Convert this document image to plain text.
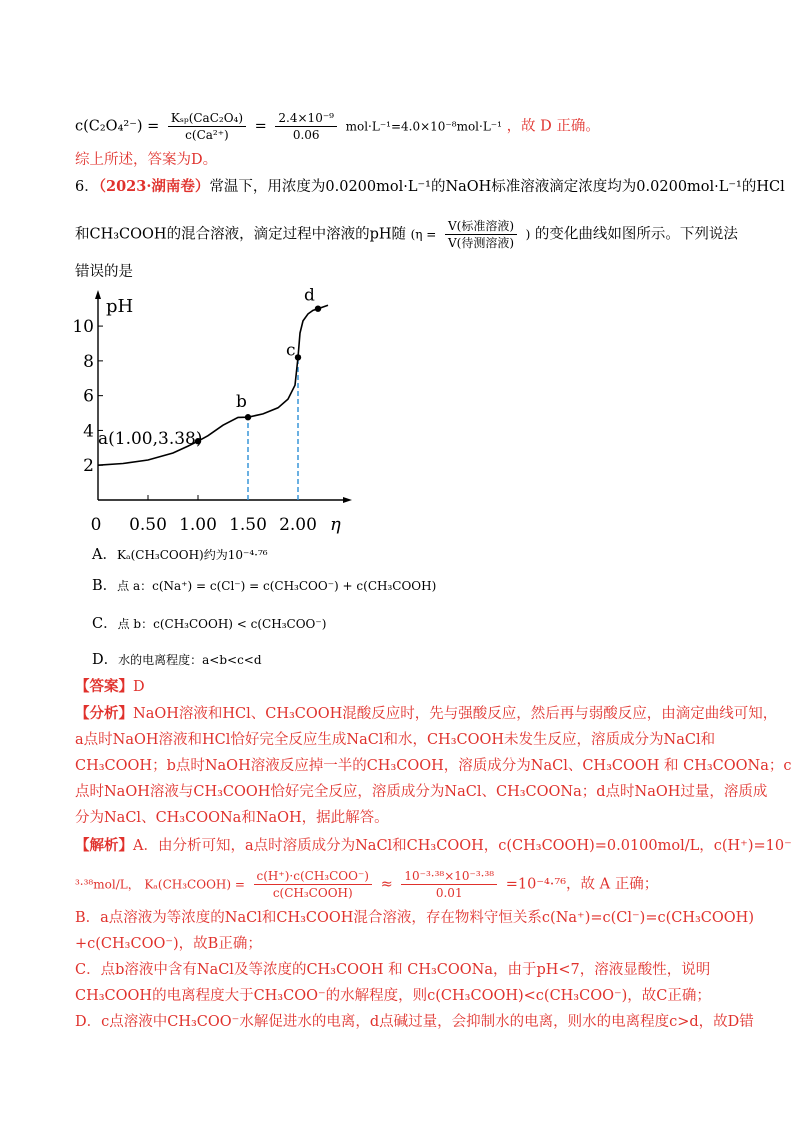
$c(C_2O_4^{2-}) = \frac{\text{Kₛₚ(CaC₂O₄)}}{\text{c(Ca²⁺)}} = \frac{\text{2.4×10⁻⁹}}{0.06} mol\cdot L^{-1}=4.0\times 10^{-8}mol\cdot L^{-1}$ ，故 D 正确。
综上所述，答案为D。
6．（2023·湖南卷）常温下，用浓度为0.0200mol·L⁻¹的NaOH标准溶液滴定浓度均为0.0200mol·L⁻¹的HCl
和CH₃COOH的混合溶液，滴定过程中溶液的pH随 ($\eta = \frac{\text{V(标准溶液)}}{\text{V(待测溶液)}}$ ) 的变化曲线如图所示。下列说法
错误的是
pH
η
0 0.50 1.00 1.50 2.00
2
4
6
8
10
a(1.00,3.38)
b
c
d
A．Kₐ(CH₃COOH)约为10⁻⁴·⁷⁶
B．点 a：c(Na⁺) = c(Cl⁻) = c(CH₃COO⁻) + c(CH₃COOH)
C．点 b：c(CH₃COOH) < c(CH₃COO⁻)
D．水的电离程度：a<b<c<d
【答案】D
【分析】NaOH溶液和HCl、CH₃COOH混酸反应时，先与强酸反应，然后再与弱酸反应，由滴定曲线可知，
a点时NaOH溶液和HCl恰好完全反应生成NaCl和水，CH₃COOH未发生反应，溶质成分为NaCl和
CH₃COOH；b点时NaOH溶液反应掉一半的CH₃COOH，溶质成分为NaCl、CH₃COOH 和 CH₃COONa；c
点时NaOH溶液与CH₃COOH恰好完全反应，溶质成分为NaCl、CH₃COONa；d点时NaOH过量，溶质成
分为NaCl、CH₃COONa和NaOH，据此解答。
【解析】A．由分析可知，a点时溶质成分为NaCl和CH₃COOH，c(CH₃COOH)=0.0100mol/L，c(H⁺)=10⁻
³·³⁸mol/L， Kₐ(CH₃COOH) = $\frac{\text{c(H⁺)·c(CH₃COO⁻)}}{\text{c(CH₃COOH)}} \approx \frac{\text{10⁻³·³⁸×10⁻³·³⁸}}{0.01} =10^{-4}\cdot^{76}$，故 A 正确；
B．a点溶液为等浓度的NaCl和CH₃COOH混合溶液，存在物料守恒关系c(Na⁺)=c(Cl⁻)=c(CH₃COOH)
+c(CH₃COO⁻)，故B正确；
C．点b溶液中含有NaCl及等浓度的CH₃COOH 和 CH₃COONa，由于pH<7，溶液显酸性，说明
CH₃COOH的电离程度大于CH₃COO⁻的水解程度，则c(CH₃COOH)<c(CH₃COO⁻)，故C正确；
D．c点溶液中CH₃COO⁻水解促进水的电离，d点碱过量，会抑制水的电离，则水的电离程度c>d，故D错
